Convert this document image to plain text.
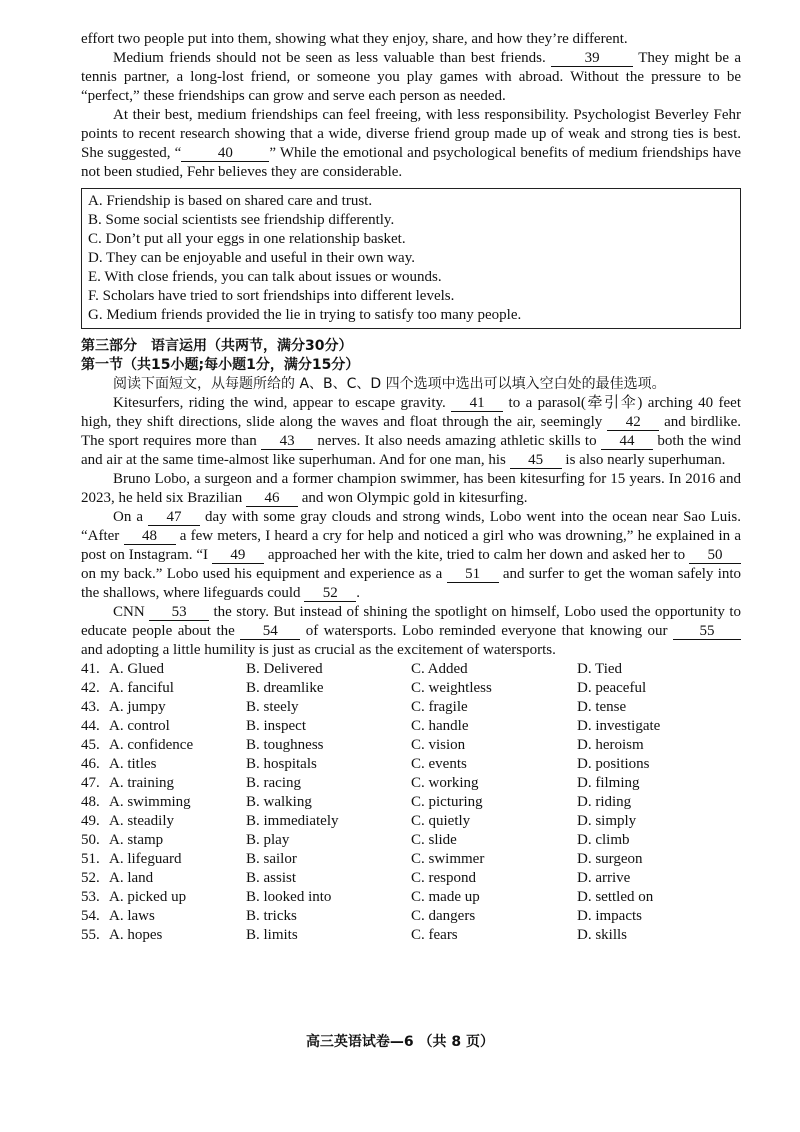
effort two people put into them, showing what they enjoy, share, and how they’re different.

Medium friends should not be seen as less valuable than best friends.	39	They might be a tennis partner, a long-lost friend, or someone you play games with abroad. Without the pressure to be “perfect,” these friendships can grow and serve each person as needed.

At their best, medium friendships can feel freeing, with less responsibility. Psychologist Beverley Fehr points to recent research showing that a wide, diverse friend group made up of weak and strong ties is best. She suggested, “ 40 ” While the emotional and psychological benefits of medium friendships have not been studied, Fehr believes they are considerable.

A. Friendship is based on shared care and trust.
B. Some social scientists see friendship differently.
C. Don’t put all your eggs in one relationship basket.
D. They can be enjoyable and useful in their own way.
E. With close friends, you can talk about issues or wounds.
F. Scholars have tried to sort friendships into different levels.
G. Medium friends provided the lie in trying to satisfy too many people.
第三部分　语言运用（共两节，满分30分）
第一节（共15小题;每小题1分，满分15分）
阅读下面短文，从每题所给的 A、B、C、D 四个选项中选出可以填入空白处的最佳选项。

Kitesurfers, riding the wind, appear to escape gravity. 41 to a parasol(牵引伞) arching 40 feet high, they shift directions, slide along the waves and float through the air, seemingly 42 and birdlike. The sport requires more than 43 nerves. It also needs amazing athletic skills to 44 both the wind and air at the same time-almost like superhuman. And for one man, his 45 is also nearly superhuman.

Bruno Lobo, a surgeon and a former champion swimmer, has been kitesurfing for 15 years. In 2016 and 2023, he held six Brazilian 46 and won Olympic gold in kitesurfing.

On a 47 day with some gray clouds and strong winds, Lobo went into the ocean near Sao Luis. “After 48 a few meters, I heard a cry for help and noticed a girl who was drowning,” he explained in a post on Instagram. “I 49 approached her with the kite, tried to calm her down and asked her to 50 on my back.” Lobo used his equipment and experience as a 51 and surfer to get the woman safely into the shallows, where lifeguards could 52 .

CNN 53 the story. But instead of shining the spotlight on himself, Lobo used the opportunity to educate people about the 54 of watersports. Lobo reminded everyone that knowing our 55 and adopting a little humility is just as crucial as the excitement of watersports.

41. A. Glued	B. Delivered	C. Added	D. Tied
42. A. fanciful	B. dreamlike	C. weightless	D. peaceful
43. A. jumpy	B. steely	C. fragile	D. tense
44. A. control	B. inspect	C. handle	D. investigate
45. A. confidence	B. toughness	C. vision	D. heroism
46. A. titles	B. hospitals	C. events	D. positions
47. A. training	B. racing	C. working	D. filming
48. A. swimming	B. walking	C. picturing	D. riding
49. A. steadily	B. immediately	C. quietly	D. simply
50. A. stamp	B. play	C. slide	D. climb
51. A. lifeguard	B. sailor	C. swimmer	D. surgeon
52. A. land	B. assist	C. respond	D. arrive
53. A. picked up	B. looked into	C. made up	D. settled on
54. A. laws	B. tricks	C. dangers	D. impacts
55. A. hopes	B. limits	C. fears	D. skills
高三英语试卷—6 （共 8 页）
